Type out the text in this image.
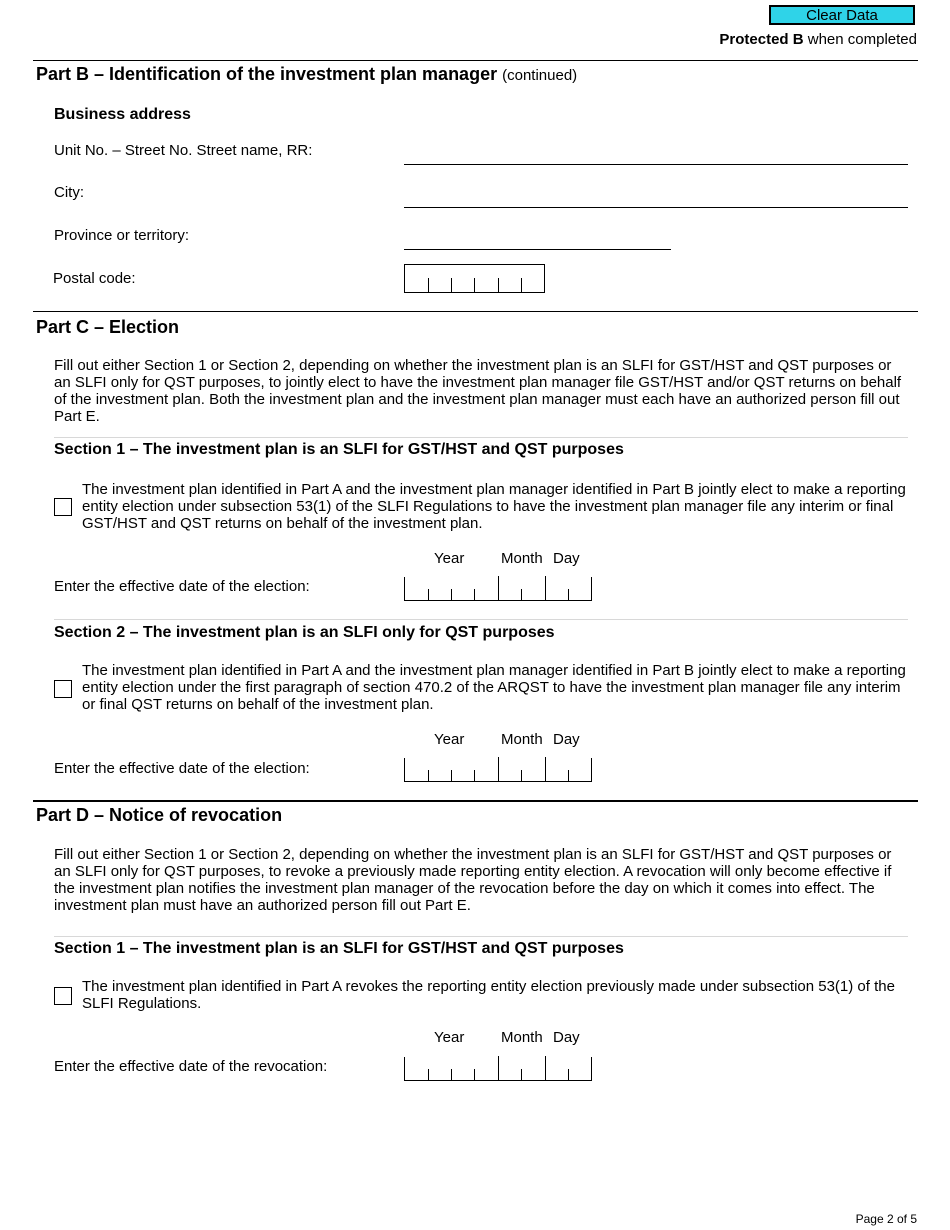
Clear Data
Protected B when completed
Part B – Identification of the investment plan manager (continued)
Business address
Unit No. – Street No. Street name, RR:
City:
Province or territory:
Postal code:
Part C – Election
Fill out either Section 1 or Section 2, depending on whether the investment plan is an SLFI for GST/HST and QST purposes or an SLFI only for QST purposes, to jointly elect to have the investment plan manager file GST/HST and/or QST returns on behalf of the investment plan. Both the investment plan and the investment plan manager must each have an authorized person fill out Part E.
Section 1 – The investment plan is an SLFI for GST/HST and QST purposes
The investment plan identified in Part A and the investment plan manager identified in Part B jointly elect to make a reporting entity election under subsection 53(1) of the SLFI Regulations to have the investment plan manager file any interim or final GST/HST and QST returns on behalf of the investment plan.
Year Month Day
Enter the effective date of the election:
Section 2 – The investment plan is an SLFI only for QST purposes
The investment plan identified in Part A and the investment plan manager identified in Part B jointly elect to make a reporting entity election under the first paragraph of section 470.2 of the ARQST to have the investment plan manager file any interim or final QST returns on behalf of the investment plan.
Year Month Day
Enter the effective date of the election:
Part D – Notice of revocation
Fill out either Section 1 or Section 2, depending on whether the investment plan is an SLFI for GST/HST and QST purposes or an SLFI only for QST purposes, to revoke a previously made reporting entity election. A revocation will only become effective if the investment plan notifies the investment plan manager of the revocation before the day on which it comes into effect. The investment plan must have an authorized person fill out Part E.
Section 1 – The investment plan is an SLFI for GST/HST and QST purposes
The investment plan identified in Part A revokes the reporting entity election previously made under subsection 53(1) of the SLFI Regulations.
Year Month Day
Enter the effective date of the revocation:
Page 2 of 5
